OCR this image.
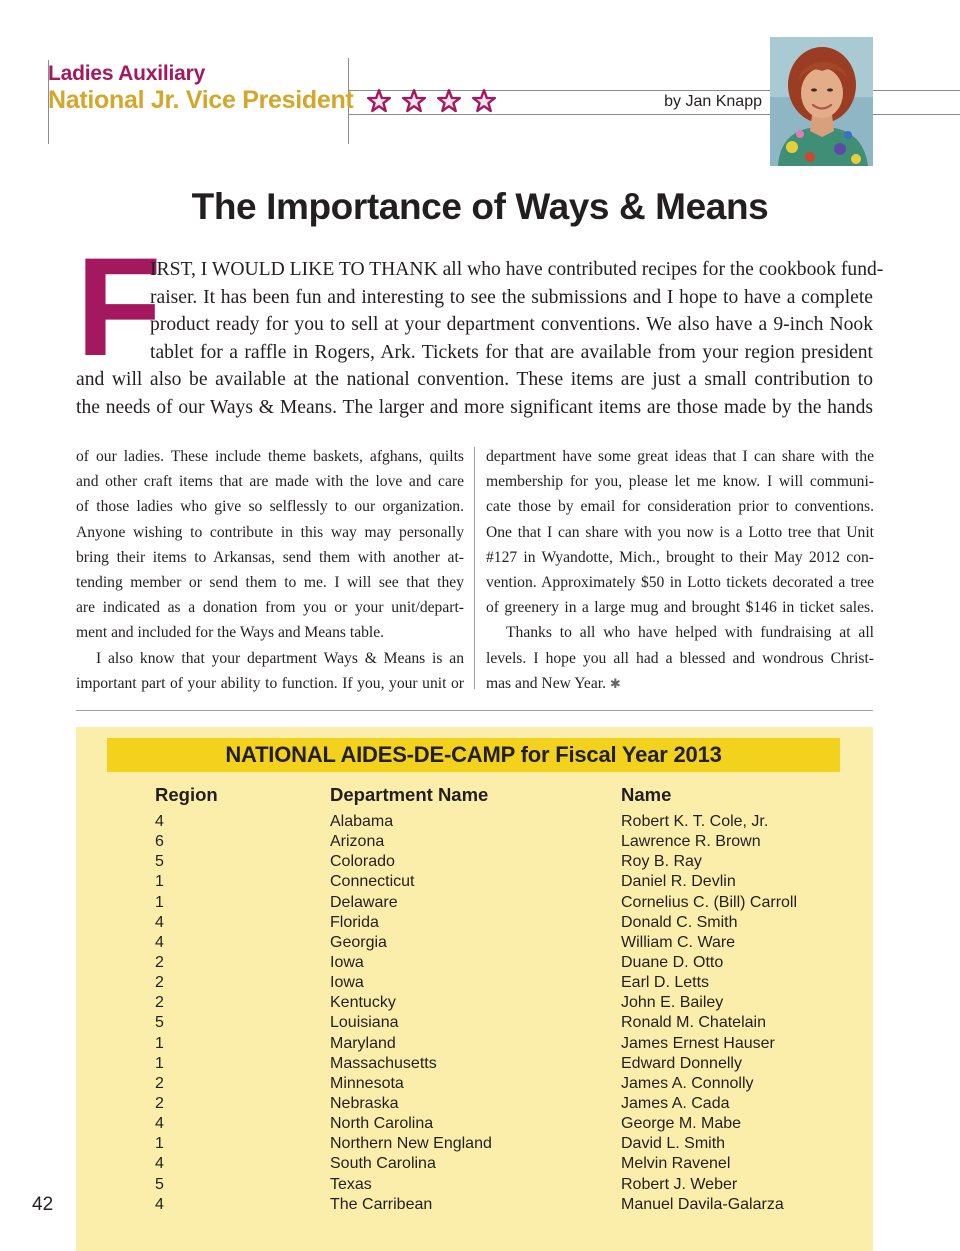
Ladies Auxiliary
National Jr. Vice President	by Jan Knapp
The Importance of Ways & Means
F
IRST, I WOULD LIKE TO THANK all who have contributed recipes for the cookbook fund-
raiser. It has been fun and interesting to see the submissions and I hope to have a complete
product ready for you to sell at your department conventions. We also have a 9-inch Nook
tablet for a raffle in Rogers, Ark. Tickets for that are available from your region president
and will also be available at the national convention. These items are just a small contribution to
the needs of our Ways & Means. The larger and more significant items are those made by the hands
of our ladies. These include theme baskets, afghans, quilts
and other craft items that are made with the love and care
of those ladies who give so selflessly to our organization.
Anyone wishing to contribute in this way may personally
bring their items to Arkansas, send them with another at-
tending member or send them to me. I will see that they
are indicated as a donation from you or your unit/depart-
ment and included for the Ways and Means table.
I also know that your department Ways & Means is an
important part of your ability to function. If you, your unit or
department have some great ideas that I can share with the
membership for you, please let me know. I will communi-
cate those by email for consideration prior to conventions.
One that I can share with you now is a Lotto tree that Unit
#127 in Wyandotte, Mich., brought to their May 2012 con-
vention. Approximately $50 in Lotto tickets decorated a tree
of greenery in a large mug and brought $146 in ticket sales.
Thanks to all who have helped with fundraising at all
levels. I hope you all had a blessed and wondrous Christ-
mas and New Year. ✱
NATIONAL AIDES-DE-CAMP for Fiscal Year 2013
Region	Department Name	Name
4	Alabama	Robert K. T. Cole, Jr.
6	Arizona	Lawrence R. Brown
5	Colorado	Roy B. Ray
1	Connecticut	Daniel R. Devlin
1	Delaware	Cornelius C. (Bill) Carroll
4	Florida	Donald C. Smith
4	Georgia	William C. Ware
2	Iowa	Duane D. Otto
2	Iowa	Earl D. Letts
2	Kentucky	John E. Bailey
5	Louisiana	Ronald M. Chatelain
1	Maryland	James Ernest Hauser
1	Massachusetts	Edward Donnelly
2	Minnesota	James A. Connolly
2	Nebraska	James A. Cada
4	North Carolina	George M. Mabe
1	Northern New England	David L. Smith
4	South Carolina	Melvin Ravenel
5	Texas	Robert J. Weber
4	The Carribean	Manuel Davila-Galarza
42
